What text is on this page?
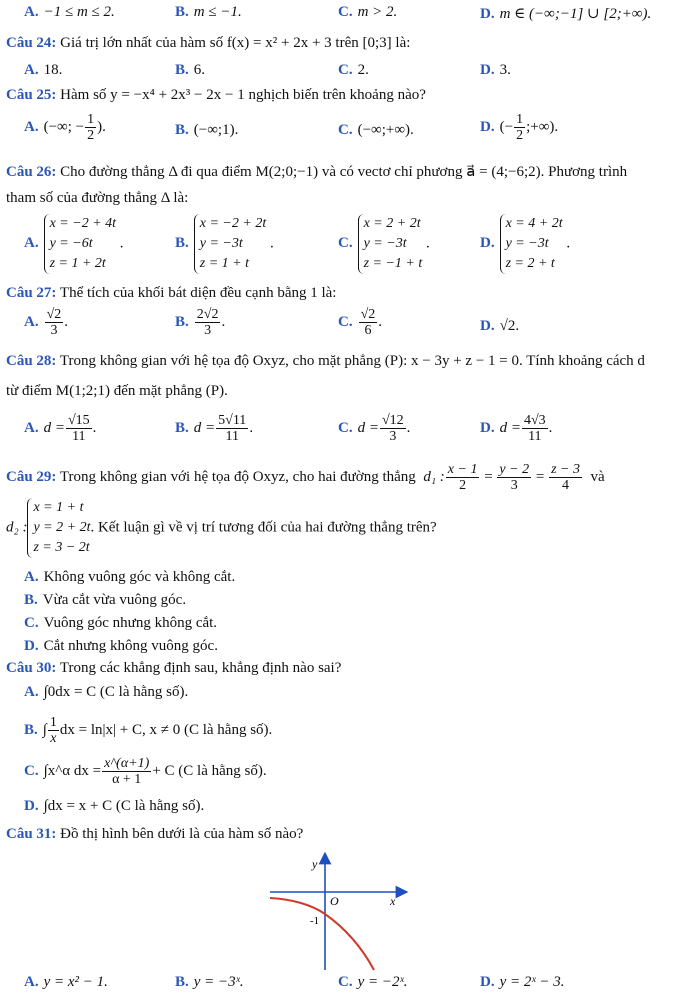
A. −1 ≤ m ≤ 2.	B. m ≤ −1.	C. m > 2.	D. m ∈ (−∞;−1] ∪ [2;+∞).
Câu 24: Giá trị lớn nhất của hàm số f(x) = x² + 2x + 3 trên [0;3] là:
A. 18.	B. 6.	C. 2.	D. 3.
Câu 25: Hàm số y = −x⁴ + 2x³ − 2x − 1 nghịch biến trên khoảng nào?
A. (−∞; − $\frac{1}{2}$ ).	B. (−∞;1).	C. (−∞;+∞).	D. (− $\frac{1}{2}$ ;+∞).
Câu 26: Cho đường thẳng Δ đi qua điểm M(2;0;−1) và có vectơ chỉ phương a⃗ = (4;−6;2). Phương trình
tham số của đường thẳng Δ là:
A.
x = −2 + 4t
y = −6t
z = 1 + 2t
.	B.
x = −2 + 2t
y = −3t
z = 1 + t
.	C.
x = 2 + 2t
y = −3t
z = −1 + t
.	D.
x = 4 + 2t
y = −3t
z = 2 + t
.
Câu 27: Thể tích của khối bát diện đều cạnh bằng 1 là:
A. $\frac{√2}{3}$ .	B. $\frac{2√2}{3}$ .	C. $\frac{√2}{6}$ .	D. √2.
Câu 28: Trong không gian với hệ tọa độ Oxyz, cho mặt phẳng (P): x − 3y + z − 1 = 0. Tính khoảng cách d
từ điểm M(1;2;1) đến mặt phẳng (P).
A. $d = \frac{√15}{11}$ .	B. $d = \frac{5√11}{11}$ .	C. $d = \frac{√12}{3}$ .	D. $d = \frac{4√3}{11}$ .
Câu 29: Trong không gian với hệ tọa độ Oxyz, cho hai đường thẳng d₁ : $\frac{x - 1}{2} = \frac{y - 2}{3} = \frac{z - 3}{4}$ và
d₂ :
x = 1 + t
y = 2 + 2t
z = 3 − 2t
. Kết luận gì về vị trí tương đối của hai đường thẳng trên?
A. Không vuông góc và không cắt.
B. Vừa cắt vừa vuông góc.
C. Vuông góc nhưng không cắt.
D. Cắt nhưng không vuông góc.
Câu 30: Trong các khẳng định sau, khẳng định nào sai?
A. ∫0dx = C (C là hằng số).
B. ∫ $\frac{1}{x}$ dx = ln|x| + C, x ≠ 0 (C là hằng số).
C. ∫x^α dx = $\frac{x\^{}(\alpha+1)}{\alpha + 1} + C$ (C là hằng số).
D. ∫dx = x + C (C là hằng số).
Câu 31: Đồ thị hình bên dưới là của hàm số nào?
y
x
O
-1
A. y = x² − 1.	B. y = −3ˣ.	C. y = −2ˣ.	D. y = 2ˣ − 3.
